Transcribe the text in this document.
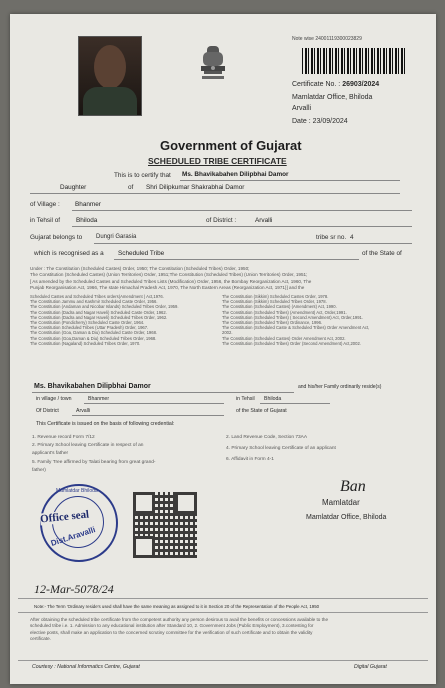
Note wise 24001119300023829
Certificate No. : 26903/2024
Mamlatdar Office, Bhiloda
Arvalli
Date : 23/09/2024
Government of Gujarat
SCHEDULED TRIBE CERTIFICATE
This is to certify that Ms. Bhavikabahen Dilipbhai Damor
Daughter	of Shri Dilipkumar Shakrabhai Damor
of Village : Bhanmer
in Tehsil of Bhiloda	of District :	Arvalli
Gujarat belongs to Dungri Garasia	tribe sr no. 4
which is recognised as a Scheduled Tribe	of the State of
Under : The Constitution (Scheduled Castes) Order, 1950; The Constitution (Scheduled Tribes) Order, 1950;
The Constitution (Scheduled Castes) (Union Territories) Order, 1951;The Constitution (Scheduled Tribes) (Union Territories) Order, 1951;
[ As amended by the Scheduled Castes and Scheduled Tribes Lists (Modification) Order, 1956, the Bombay Reorganization Act, 1960, The
Punjab Reorganisation Act, 1966, The state Himachal Pradesh Act, 1970, The North Eastern Areas (Reorganization Act, 1971)] and the
Scheduled Castes and Scheduled Tribes orders(Amendment ) Act,1976.
The Constitution Jammu and Kashmir Scheduled Caste Order, 1956.
The Constitution (Andaman and Nicobar Islands) Scheduled Tribes Order, 1959.
The Constitution (Dadra and Nagar Haveli) Scheduled Caste Order, 1962.
The Constitution (Dadra and Nagar Haveli) Scheduled Tribes Order, 1962.
The Constitution (Pondicherry) Scheduled Caste Order, 1964.
The Constitution Scheduled Tribes (Uttar Pradesh) Order, 1967.
The Constitution (Goa, Daman & Diu) Scheduled Caste Order, 1968.
The Constitution (Goa,Daman & Diu) Scheduled Tribes Order, 1968.
The Constitution (Nagaland) Scheduled Tribes Order, 1970.
The Constitution (Sikkim) Scheduled Castes Order, 1978.
The Constitution (Sikkim) Scheduled Tribes Order, 1978.
The Constitution (Scheduled Castes) (Amendment) Act, 1990.
The Constitution (Scheduled Tribes) (Amendment) Act, Order,1991.
The Constitution (Scheduled Tribes) ( Second Amendment) Act, Order,1991.
The Constitution (Scheduled Tribes) Ordinance, 1996.
The Constitution (Scheduled Caste & Scheduled Tribes) Order Amendment Act,
2002.
The Constitution (Scheduled Castes) Order Amendment Act, 2002.
The Constitution (Scheduled Tribes) Order (Second Amendment) Act,2002.
Ms. Bhavikabahen Dilipbhai Damor	and his/her Family ordinarily reside(s)
in village / town	Bhanmer	in Tehsil Bhiloda
Of District	Arvalli	of the State of Gujarat
This Certificate is issued on the basis of following credential:
1. Revenue record Form 7/12
2. Primary School leaving Certificate in respect of an
applicant's father
5. Family Tree affirmed by Talati bearing from great grand-
father)
2. Land Revenue Code, Section 73AA
4. Primary School leaving Certificate of an applicant
6. Affidavit in Form 4-1
Mamlatdar Bhiloda
Office seal
Dist.Aravalli
Ban
Mamlatdar
Mamlatdar Office, Bhiloda
12-Mar-5078/24
Note:- The Term 'Ordinary reside's used shall have the same meaning as assigned to it in Section 20 of the Representation of the People Act, 1950
After obtaining the scheduled tribe certificate from the competent authority any person desirous to avail the benefits or concessions available to the
scheduled tribe i.e. 1. Admission to any educational institution after Standard 10, 2. Government Jobs (Public Employment), 3.contesting for
elective posts, shall make an application to the concerned scrutiny committee for the verification of such certificate and to obtain the validity
certificate.
Courtesy : National Informatics Centre, Gujarat	Digital Gujarat
